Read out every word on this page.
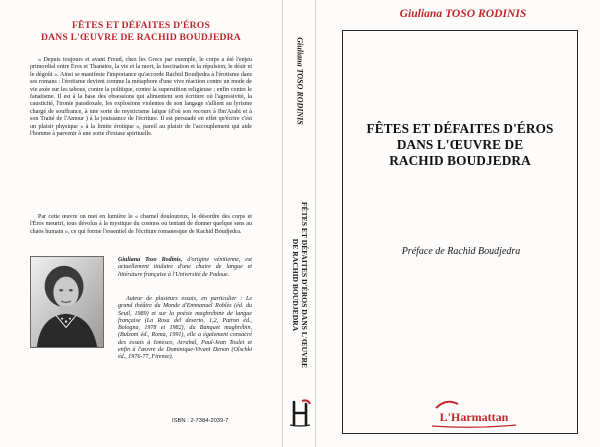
FÊTES ET DÉFAITES D'ÉROS
DANS L'ŒUVRE DE RACHID BOUDJEDRA

« Depuis toujours et avant Freud, chez les Grecs par exemple, le corps a été l'enjeu primordial entre Éros et Thanatos, la vie et la mort, la fascination et la répulsion, le désir et le dégoût ». Ainsi se manifeste l'importance qu'accorde Rachid Boudjedra à l'érotisme dans ses romans : l'érotisme devient comme la métaphore d'une vive réaction contre un mode de vie axée sur les tabous, contre la politique, contre la superstition religieuse ; enfin contre le fanatisme. Il est à la base des obsessions qui alimentent son écriture où l'agressivité, la causticité, l'ironie paradoxale, les explosions violentes de son langage s'allient au lyrisme chargé de souffrance, à une sorte de mysticisme laïque (d'où son recours à Ibn'Arabi et à son Traité de l'Amour ) à la jouissance de l'écriture. Il est persuadé en effet qu'écrire c'est un plaisir physique « à la limite érotique », pareil au plaisir de l'accouplement qui aide l'homme à parvenir à une sorte d'extase spirituelle.

Par cette œuvre on met en lumière le « charnel douloureux, le désordre des corps et l'Éros meurtri, tous dévolus à la mystique du cosmos ou tentant de donner quelque sens au chaos humain », ce qui forme l'essentiel de l'écriture romanesque de Rachid Boudjedra.

Giuliana Toso Rodinis, d'origine vénitienne, est actuellement titulaire d'une chaire de langue et littérature française à l'Université de Padoue.

Auteur de plusieurs essais, en particulier : Le grand théâtre du Monde d'Emmanuel Roblès (éd. du Seuil, 1989) et sur la poésie maghrébine de langue française (La Rosa del deserto, 1,2, Patron éd., Bologna, 1978 et 1982), du Banquet maghrébin, (Bulzoni éd., Roma, 1991), elle a également consacré des essais à Ionesco, Arrabal, Paul-Jean Toulet et enfin à l'œuvre de Dominique-Vivant Denon (Olschki éd., 1976-77, Firenze).

ISBN : 2-7384-2039-7
Giuliana TOSO RODINIS
FÊTES ET DÉFAITES D'ÉROS DANS L'ŒUVRE
DE RACHID BOUDJEDRA
Giuliana TOSO RODINIS
FÊTES ET DÉFAITES D'ÉROS
DANS L'ŒUVRE DE
RACHID BOUDJEDRA
Préface de Rachid Boudjedra
L'Harmattan
